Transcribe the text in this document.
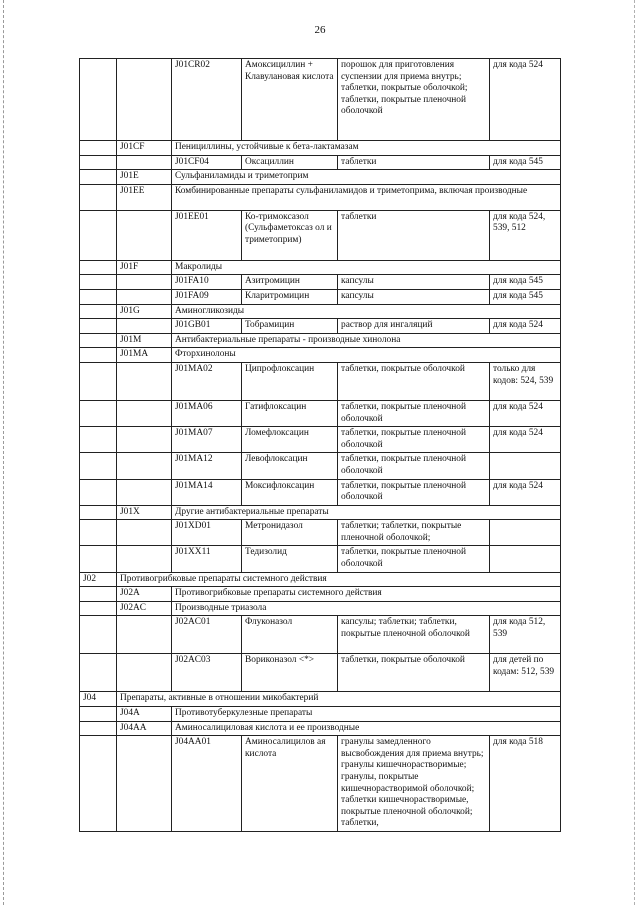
26
		J01CR02	Амоксициллин + Клавулановая кислота	порошок для приготовления суспензии для приема внутрь; таблетки, покрытые оболочкой; таблетки, покрытые пленочной оболочкой	для кода 524
	J01CF	Пенициллины, устойчивые к бета-лактамазам			
		J01CF04	Оксациллин	таблетки	для кода 545
	J01E	Сульфаниламиды и триметоприм			
	J01EE	Комбинированные препараты сульфаниламидов и триметоприма, включая производные			
		J01EE01	Ко-тримоксазол (Сульфаметоксаз ол и триметоприм)	таблетки	для кода 524, 539, 512
	J01F	Макролиды			
		J01FA10	Азитромицин	капсулы	для кода 545
		J01FA09	Кларитромицин	капсулы	для кода 545
	J01G	Аминогликозиды			
		J01GB01	Тобрамицин	раствор для ингаляций	для кода 524
	J01M	Антибактериальные препараты - производные хинолона			
	J01MA	Фторхинолоны			
		J01MA02	Ципрофлоксацин	таблетки, покрытые оболочкой	только для кодов: 524, 539
		J01MA06	Гатифлоксацин	таблетки, покрытые пленочной оболочкой	для кода 524
		J01MA07	Ломефлоксацин	таблетки, покрытые пленочной оболочкой	для кода 524
		J01MA12	Левофлоксацин	таблетки, покрытые пленочной оболочкой	
		J01MA14	Моксифлоксацин	таблетки, покрытые пленочной оболочкой	для кода 524
	J01X	Другие антибактериальные препараты			
		J01XD01	Метронидазол	таблетки; таблетки, покрытые пленочной оболочкой;	
		J01XX11	Тедизолид	таблетки, покрытые пленочной оболочкой	
J02	Противогрибковые препараты системного действия				
	J02A	Противогрибковые препараты системного действия			
	J02AC	Производные триазола			
		J02AC01	Флуконазол	капсулы; таблетки; таблетки, покрытые пленочной оболочкой	для кода 512, 539
		J02AC03	Вориконазол <*>	таблетки, покрытые оболочкой	для детей по кодам: 512, 539
J04	Препараты, активные в отношении микобактерий				
	J04A	Противотуберкулезные препараты			
	J04AA	Аминосалициловая кислота и ее производные			
		J04AA01	Аминосалицилов ая кислота	гранулы замедленного высвобождения для приема внутрь; гранулы кишечнорастворимые; гранулы, покрытые кишечнорастворимой оболочкой; таблетки кишечнорастворимые, покрытые пленочной оболочкой; таблетки,	для кода 518
